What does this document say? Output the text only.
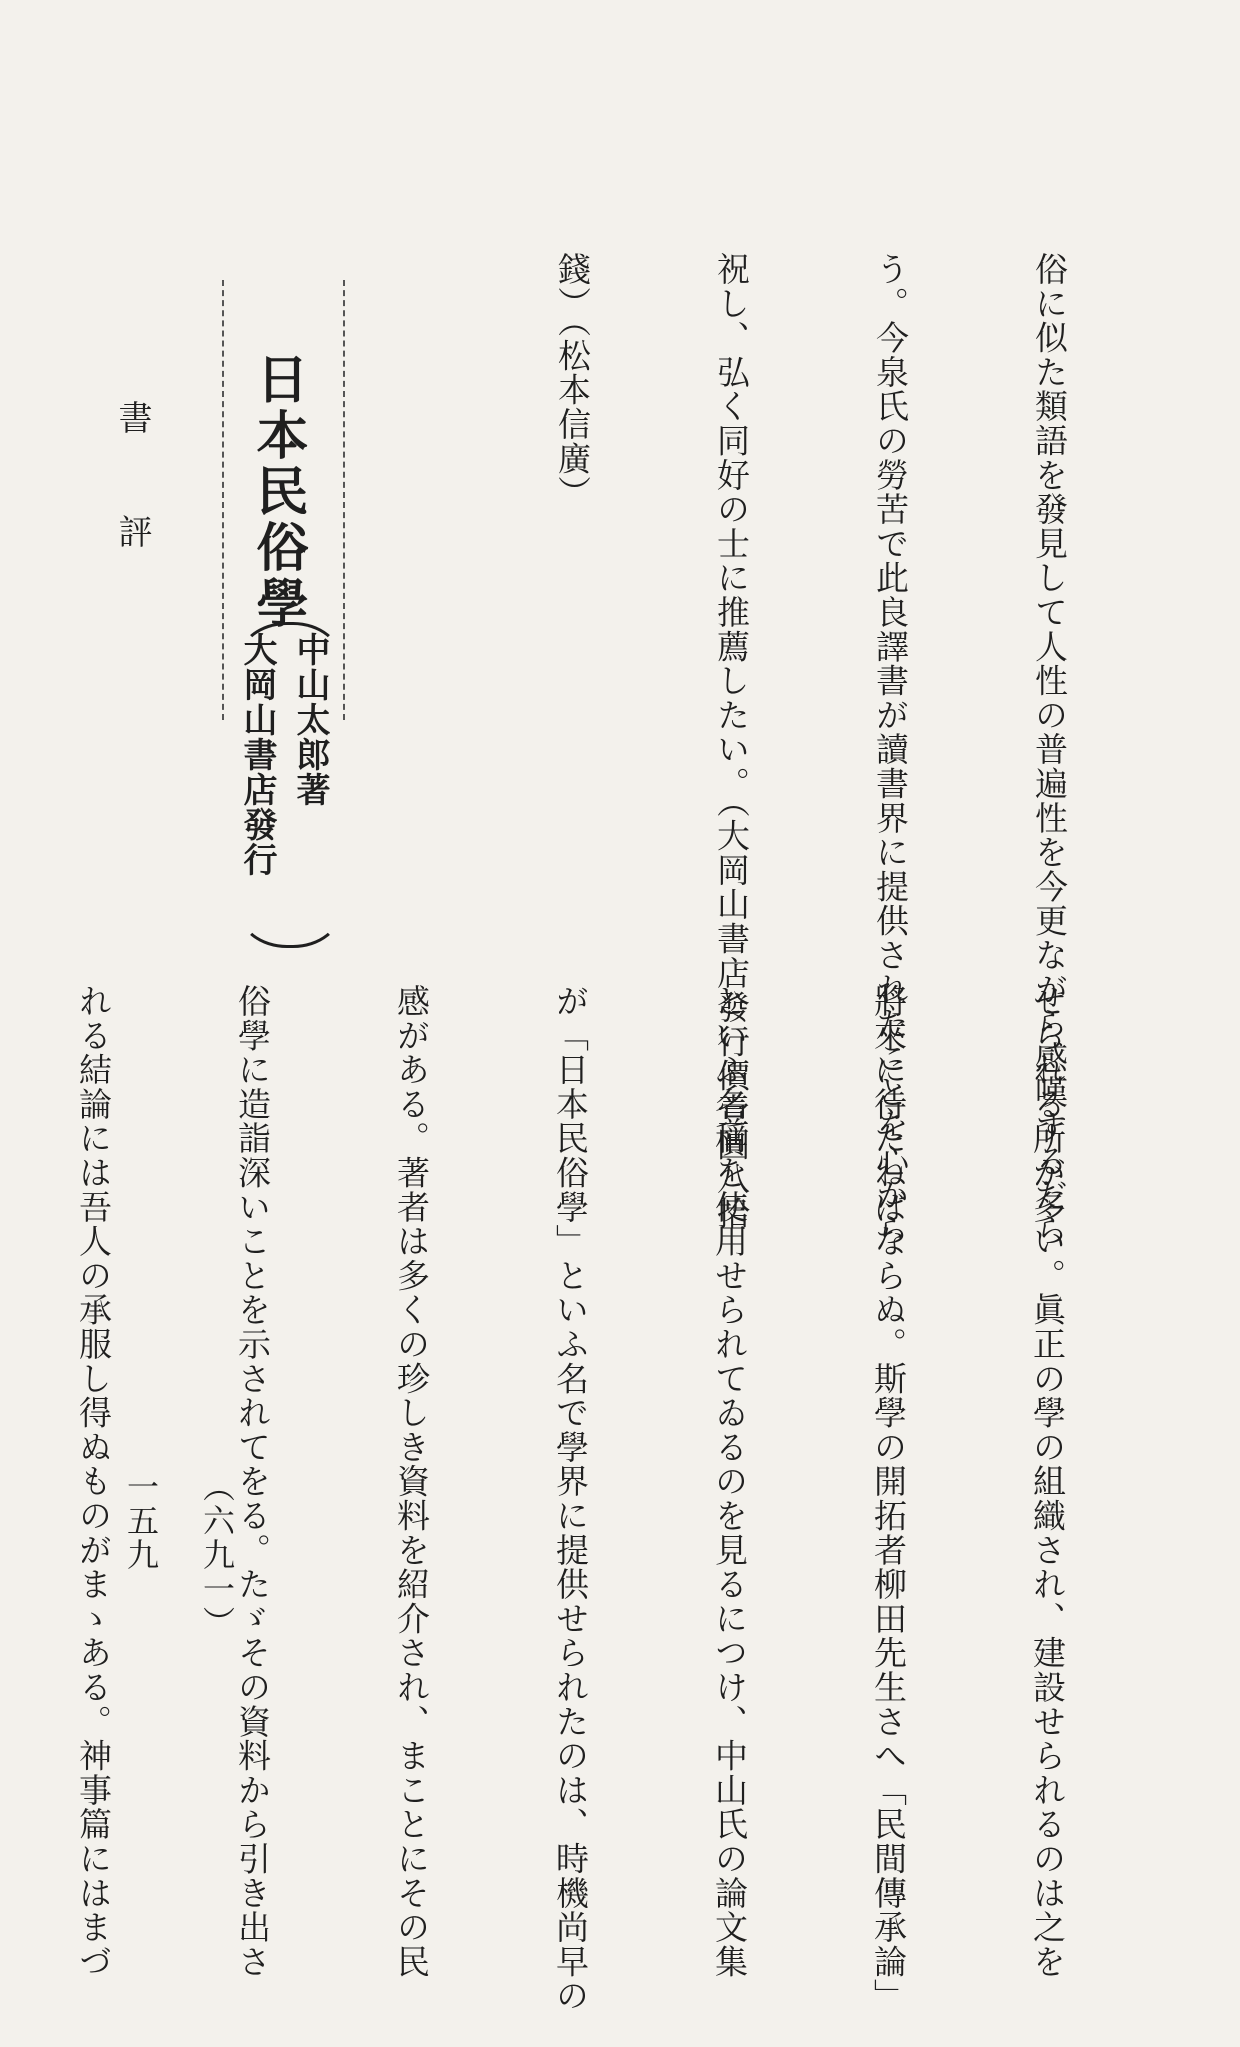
俗に似た類語を發見して人性の普遍性を今更ながら感嘆するだら

う。今泉氏の勞苦で此良譯書が讀書界に提供されたことを心から

祝し、弘く同好の士に推薦したい。（大岡山書店發行價壹圓八拾

錢）（松本信廣）

日本民俗學
中山太郎著
大岡山書店發行

せられる所が多い。眞正の學の組織され、建設せられるのは之を

將來に待たねばならぬ。斯學の開拓者柳田先生さへ「民間傳承論」

といふ名稱を使用せられてゐるのを見るにつけ、中山氏の論文集

が「日本民俗學」といふ名で學界に提供せられたのは、時機尚早の

感がある。著者は多くの珍しき資料を紹介され、まことにその民

俗學に造詣深いことを示されてをる。たゞその資料から引き出さ

れる結論には吾人の承服し得ぬものがまゝある。神事篇にはまづ

書評
一五九 （六九一）
